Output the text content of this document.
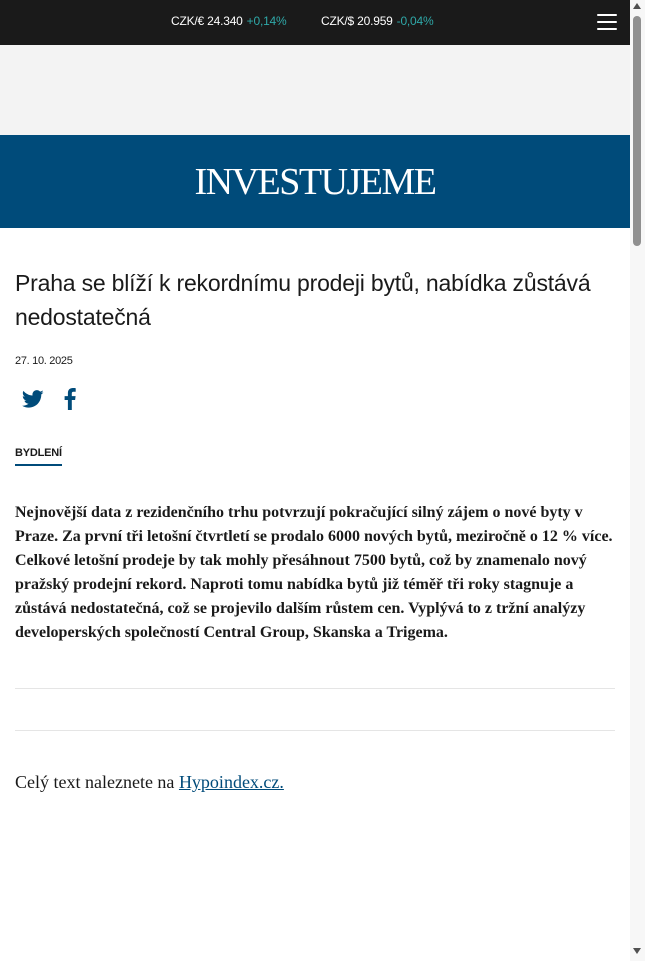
CZK/€ 24.340 +0,14%	CZK/$ 20.959 -0,04%
INVESTUJEME
Praha se blíží k rekordnímu prodeji bytů, nabídka zůstává nedostatečná
27. 10. 2025
BYDLENÍ

Nejnovější data z rezidenčního trhu potvrzují pokračující silný zájem o nové byty v Praze. Za první tři letošní čtvrtletí se prodalo 6000 nových bytů, meziročně o 12 % více. Celkové letošní prodeje by tak mohly přesáhnout 7500 bytů, což by znamenalo nový pražský prodejní rekord. Naproti tomu nabídka bytů již téměř tři roky stagnuje a zůstává nedostatečná, což se projevilo dalším růstem cen. Vyplývá to z tržní analýzy developerských společností Central Group, Skanska a Trigema.

Celý text naleznete na Hypoindex.cz.
